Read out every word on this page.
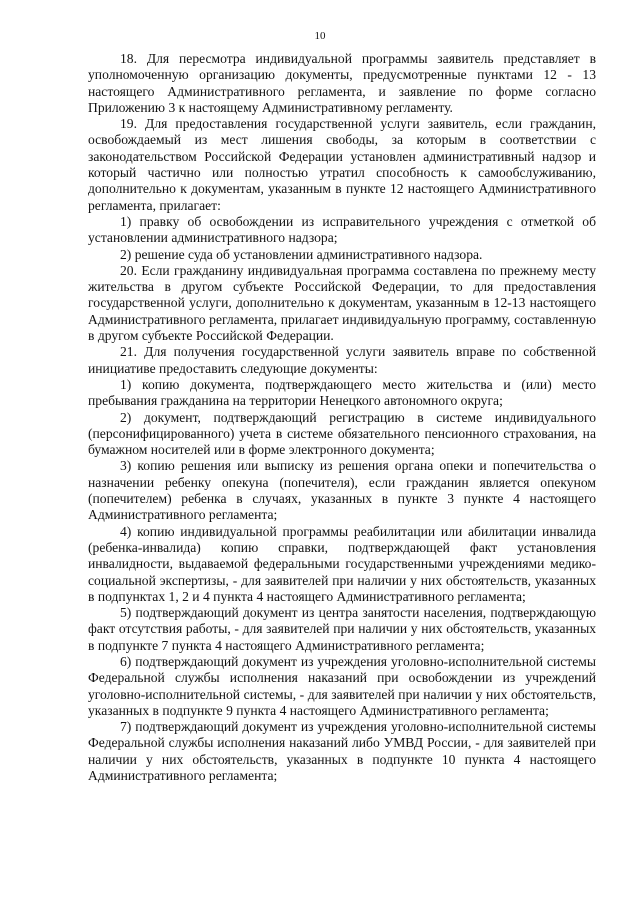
10

18. Для пересмотра индивидуальной программы заявитель представляет в уполномоченную организацию документы, предусмотренные пунктами 12 - 13 настоящего Административного регламента, и заявление по форме согласно Приложению 3 к настоящему Административному регламенту.

19. Для предоставления государственной услуги заявитель, если гражданин, освобождаемый из мест лишения свободы, за которым в соответствии с законодательством Российской Федерации установлен административный надзор и который частично или полностью утратил способность к самообслуживанию, дополнительно к документам, указанным в пункте 12 настоящего Административного регламента, прилагает:

1) правку об освобождении из исправительного учреждения с отметкой об установлении административного надзора;

2) решение суда об установлении административного надзора.

20. Если гражданину индивидуальная программа составлена по прежнему месту жительства в другом субъекте Российской Федерации, то для предоставления государственной услуги, дополнительно к документам, указанным в 12-13 настоящего Административного регламента, прилагает индивидуальную программу, составленную в другом субъекте Российской Федерации.

21. Для получения государственной услуги заявитель вправе по собственной инициативе предоставить следующие документы:

1) копию документа, подтверждающего место жительства и (или) место пребывания гражданина на территории Ненецкого автономного округа;

2) документ, подтверждающий регистрацию в системе индивидуального (персонифицированного) учета в системе обязательного пенсионного страхования, на бумажном носителей или в форме электронного документа;

3) копию решения или выписку из решения органа опеки и попечительства о назначении ребенку опекуна (попечителя), если гражданин является опекуном (попечителем) ребенка в случаях, указанных в пункте 3 пункте 4 настоящего Административного регламента;

4) копию индивидуальной программы реабилитации или абилитации инвалида (ребенка-инвалида) копию справки, подтверждающей факт установления инвалидности, выдаваемой федеральными государственными учреждениями медико-социальной экспертизы, - для заявителей при наличии у них обстоятельств, указанных в подпунктах 1, 2 и 4 пункта 4 настоящего Административного регламента;

5) подтверждающий документ из центра занятости населения, подтверждающую факт отсутствия работы, - для заявителей при наличии у них обстоятельств, указанных в подпункте 7 пункта 4 настоящего Административного регламента;

6) подтверждающий документ из учреждения уголовно-исполнительной системы Федеральной службы исполнения наказаний при освобождении из учреждений уголовно-исполнительной системы, - для заявителей при наличии у них обстоятельств, указанных в подпункте 9 пункта 4 настоящего Административного регламента;

7) подтверждающий документ из учреждения уголовно-исполнительной системы Федеральной службы исполнения наказаний либо УМВД России, - для заявителей при наличии у них обстоятельств, указанных в подпункте 10 пункта 4 настоящего Административного регламента;
